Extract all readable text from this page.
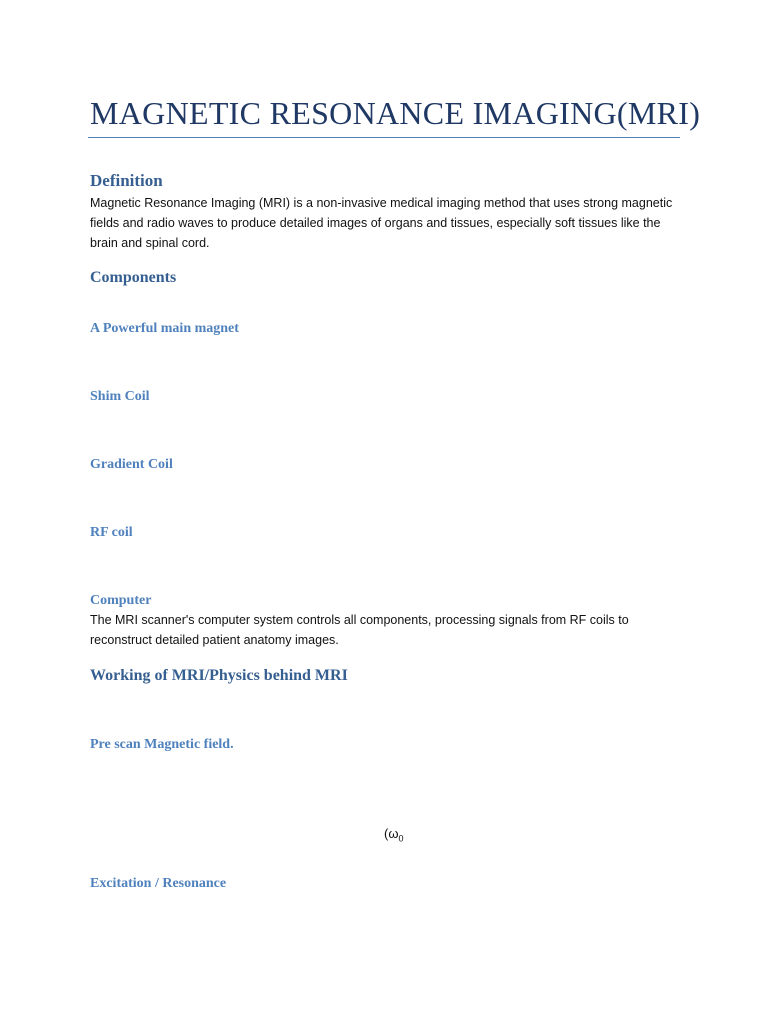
MAGNETIC RESONANCE IMAGING(MRI)
Definition
Magnetic Resonance Imaging (MRI) is a non-invasive medical imaging method that uses strong magnetic fields and radio waves to produce detailed images of organs and tissues, especially soft tissues like the brain and spinal cord.
Components
A Powerful main magnet
Shim Coil
Gradient Coil
RF coil
Computer
The MRI scanner's computer system controls all components, processing signals from RF coils to reconstruct detailed patient anatomy images.
Working of MRI/Physics behind MRI
Pre scan Magnetic field.
($\omega_0$
Excitation / Resonance
